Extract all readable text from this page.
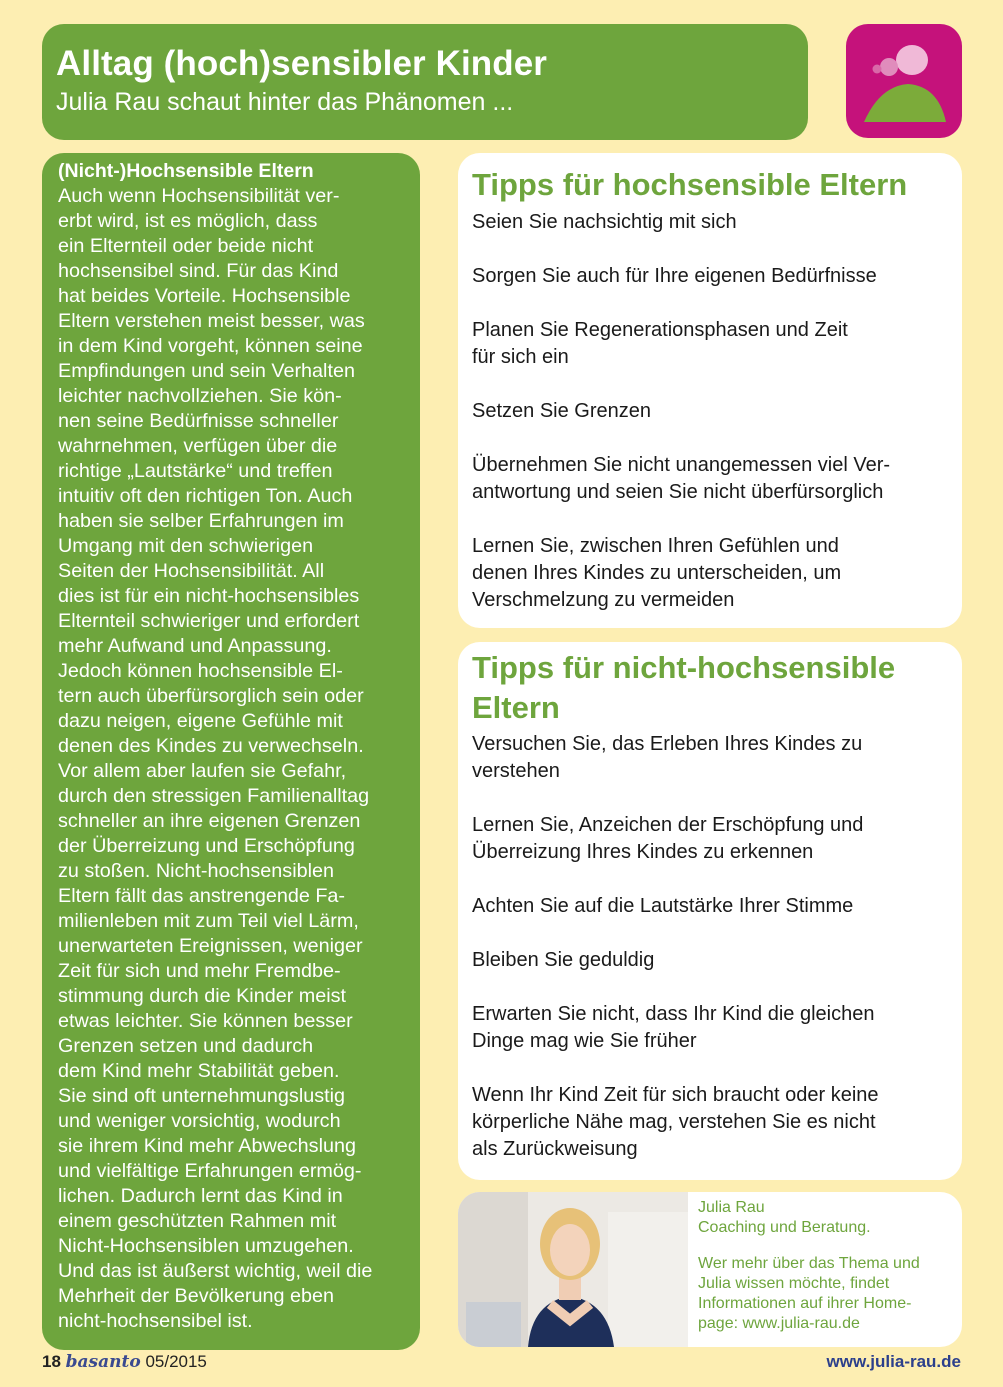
Alltag (hoch)sensibler Kinder
Julia Rau schaut hinter das Phänomen ...
(Nicht-)Hochsensible Eltern
Auch wenn Hochsensibilität ver-
erbt wird, ist es möglich, dass
ein Elternteil oder beide nicht
hochsensibel sind. Für das Kind
hat beides Vorteile. Hochsensible
Eltern verstehen meist besser, was
in dem Kind vorgeht, können seine
Empfindungen und sein Verhalten
leichter nachvollziehen. Sie kön-
nen seine Bedürfnisse schneller
wahrnehmen, verfügen über die
richtige „Lautstärke“ und treffen
intuitiv oft den richtigen Ton. Auch
haben sie selber Erfahrungen im
Umgang mit den schwierigen
Seiten der Hochsensibilität. All
dies ist für ein nicht-hochsensibles
Elternteil schwieriger und erfordert
mehr Aufwand und Anpassung.
Jedoch können hochsensible El-
tern auch überfürsorglich sein oder
dazu neigen, eigene Gefühle mit
denen des Kindes zu verwechseln.
Vor allem aber laufen sie Gefahr,
durch den stressigen Familienalltag
schneller an ihre eigenen Grenzen
der Überreizung und Erschöpfung
zu stoßen. Nicht-hochsensiblen
Eltern fällt das anstrengende Fa-
milienleben mit zum Teil viel Lärm,
unerwarteten Ereignissen, weniger
Zeit für sich und mehr Fremdbe-
stimmung durch die Kinder meist
etwas leichter. Sie können besser
Grenzen setzen und dadurch
dem Kind mehr Stabilität geben.
Sie sind oft unternehmungslustig
und weniger vorsichtig, wodurch
sie ihrem Kind mehr Abwechslung
und vielfältige Erfahrungen ermög-
lichen. Dadurch lernt das Kind in
einem geschützten Rahmen mit
Nicht-Hochsensiblen umzugehen.
Und das ist äußerst wichtig, weil die
Mehrheit der Bevölkerung eben
nicht-hochsensibel ist.
Tipps für hochsensible Eltern
Seien Sie nachsichtig mit sich
Sorgen Sie auch für Ihre eigenen Bedürfnisse
Planen Sie Regenerationsphasen und Zeit
für sich ein
Setzen Sie Grenzen
Übernehmen Sie nicht unangemessen viel Ver-
antwortung und seien Sie nicht überfürsorglich
Lernen Sie, zwischen Ihren Gefühlen und
denen Ihres Kindes zu unterscheiden, um
Verschmelzung zu vermeiden
Tipps für nicht-hochsensible
Eltern
Versuchen Sie, das Erleben Ihres Kindes zu
verstehen
Lernen Sie, Anzeichen der Erschöpfung und
Überreizung Ihres Kindes zu erkennen
Achten Sie auf die Lautstärke Ihrer Stimme
Bleiben Sie geduldig
Erwarten Sie nicht, dass Ihr Kind die gleichen
Dinge mag wie Sie früher
Wenn Ihr Kind Zeit für sich braucht oder keine
körperliche Nähe mag, verstehen Sie es nicht
als Zurückweisung
Julia Rau
Coaching und Beratung.
Wer mehr über das Thema und
Julia wissen möchte, findet
Informationen auf ihrer Home-
page: www.julia-rau.de
18 basanto 05/2015	www.julia-rau.de
